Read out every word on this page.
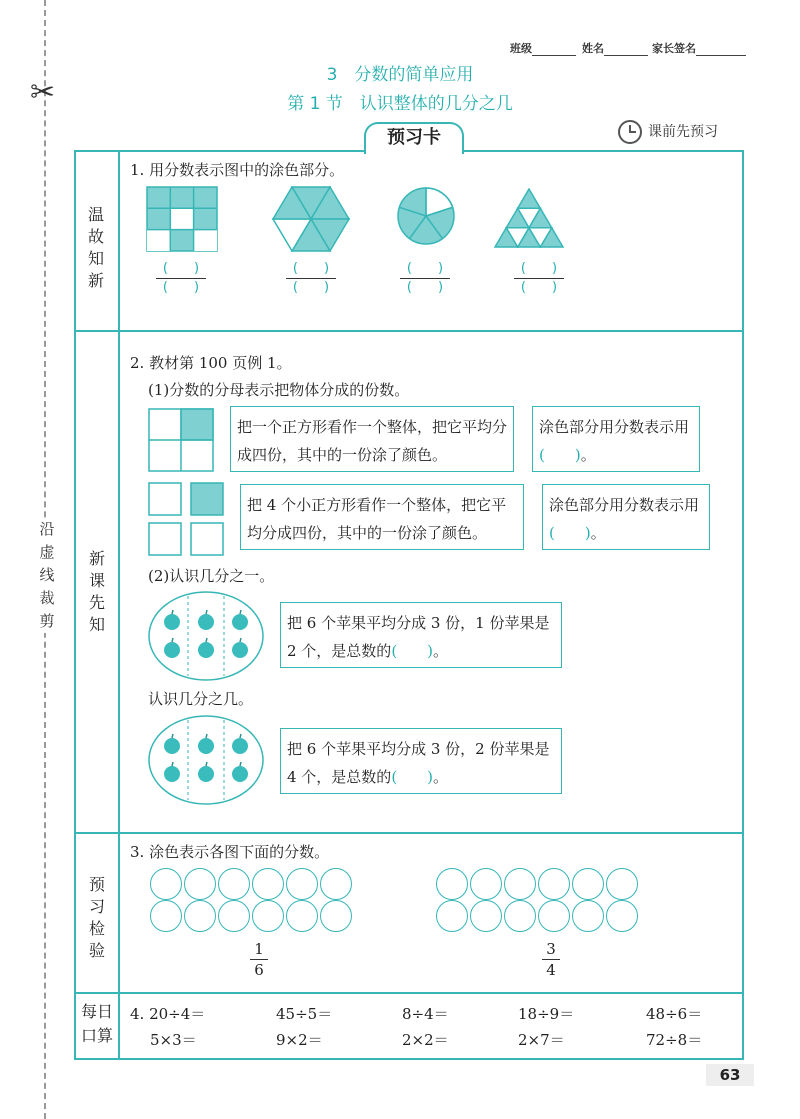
✂
沿虚线裁剪
班级	姓名	家长签名
3　分数的简单应用
第 1 节　认识整体的几分之几
预习卡	课前先预习
温故知新
新课先知
预习检验
每日口算
1. 用分数表示图中的涂色部分。
(　　)
(　　)
(　　)
(　　)
(　　)
(　　)
(　　)
(　　)
2. 教材第 100 页例 1。
(1)分数的分母表示把物体分成的份数。
把一个正方形看作一个整体，把它平均分成四份，其中的一份涂了颜色。
涂色部分用分数表示用(　　)。
把 4 个小正方形看作一个整体，把它平均分成四份，其中的一份涂了颜色。
涂色部分用分数表示用(　　)。
(2)认识几分之一。
把 6 个苹果平均分成 3 份，1 份苹果是 2 个，是总数的(　　)。
认识几分之几。
把 6 个苹果平均分成 3 份，2 份苹果是 4 个，是总数的(　　)。
3. 涂色表示各图下面的分数。
1
6
3
4
4. 20÷4＝	45÷5＝	8÷4＝	18÷9＝	48÷6＝
5×3＝	9×2＝	2×2＝	2×7＝	72÷8＝
63
